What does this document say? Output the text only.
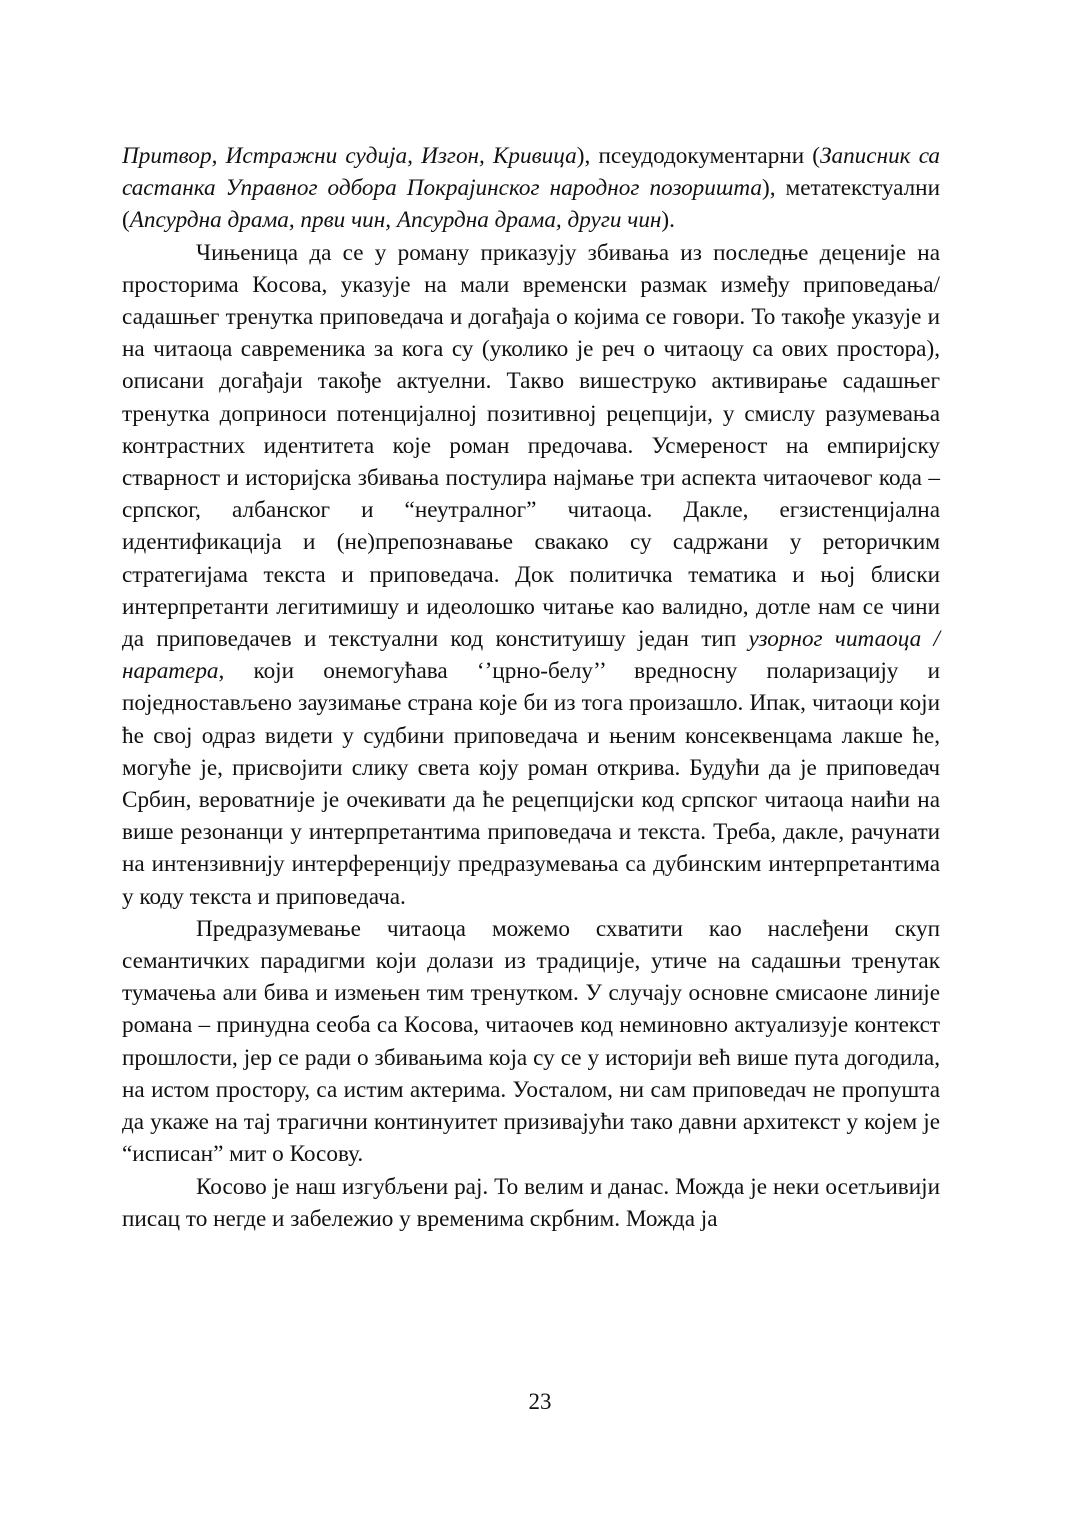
Притвор, Истражни судија, Изгон, Кривица), псеудодокументарни (Записник са састанка Управног одбора Покрајинског народног позоришта), метатекстуални (Апсурдна драма, први чин, Апсурдна драма, други чин).

Чињеница да се у роману приказују збивања из последње деценије на просторима Косова, указује на мали временски размак између приповедања/садашњег тренутка приповедача и догађаја о којима се говори. То такође указује и на читаоца савременика за кога су (уколико је реч о читаоцу са ових простора), описани догађаји такође актуелни. Такво вишеструко активирање садашњег тренутка доприноси потенцијалној позитивној рецепцији, у смислу разумевања контрастних идентитета које роман предочава. Усмереност на емпиријску стварност и историјска збивања постулира најмање три аспекта читаочевог кода – српског, албанског и “неутралног” читаоца. Дакле, егзистенцијална идентификација и (не)препознавање свакако су садржани у реторичким стратегијама текста и приповедача. Док политичка тематика и њој блиски интерпретанти легитимишу и идеолошко читање као валидно, дотле нам се чини да приповедачев и текстуални код конституишу један тип узорног читаоца / наратера, који онемогућава ‘’црно-белу’’ вредносну поларизацију и поједностављено заузимање страна које би из тога произашло. Ипак, читаоци који ће свој одраз видети у судбини приповедача и њеним консеквенцама лакше ће, могуће је, присвојити слику света коју роман открива. Будући да је приповедач Србин, вероватније је очекивати да ће рецепцијски код српског читаоца наићи на више резонанци у интерпретантима приповедача и текста. Треба, дакле, рачунати на интензивнију интерференцију предразумевања са дубинским интерпретантима у коду текста и приповедача.

Предразумевање читаоца можемо схватити као наслеђени скуп семантичких парадигми који долази из традиције, утиче на садашњи тренутак тумачења али бива и измењен тим тренутком. У случају основне смисаоне линије романа – принудна сеоба са Косова, читаочев код неминовно актуализује контекст прошлости, јер се ради о збивањима која су се у историји већ више пута догодила, на истом простору, са истим актерима. Уосталом, ни сам приповедач не пропушта да укаже на тај трагични континуитет призивајући тако давни архитекст у којем је “исписан” мит о Косову.

Косово је наш изгубљени рај. То велим и данас. Можда је неки осетљивији писац то негде и забележио у временима скрбним. Можда ја

23
